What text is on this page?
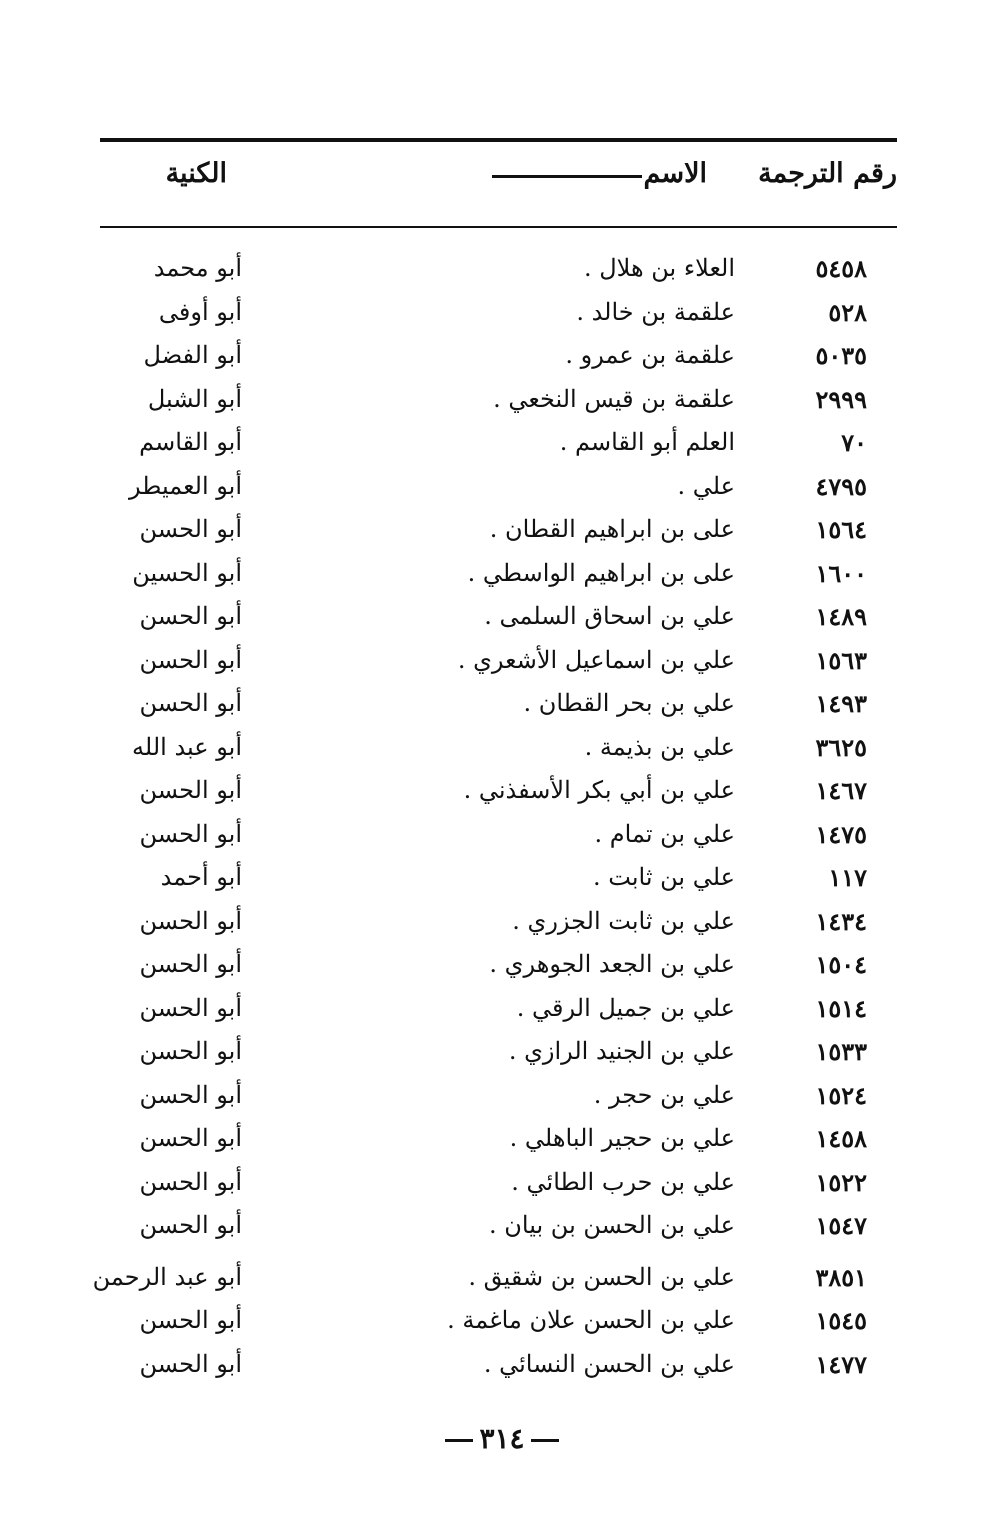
رقم الترجمة
الاسم
الكنية
٥٤٥٨
العلاء بن هلال .
أبو محمد
٥٢٨
علقمة بن خالد .
أبو أوفى
٥٠٣٥
علقمة بن عمرو .
أبو الفضل
٢٩٩٩
علقمة بن قيس النخعي .
أبو الشبل
٧٠
العلم أبو القاسم .
أبو القاسم
٤٧٩٥
علي .
أبو العميطر
١٥٦٤
على بن ابراهيم القطان .
أبو الحسن
١٦٠٠
على بن ابراهيم الواسطي .
أبو الحسين
١٤٨٩
علي بن اسحاق السلمى .
أبو الحسن
١٥٦٣
علي بن اسماعيل الأشعري .
أبو الحسن
١٤٩٣
علي بن بحر القطان .
أبو الحسن
٣٦٢٥
علي بن بذيمة .
أبو عبد الله
١٤٦٧
علي بن أبي بكر الأسفذني .
أبو الحسن
١٤٧٥
علي بن تمام .
أبو الحسن
١١٧
علي بن ثابت .
أبو أحمد
١٤٣٤
علي بن ثابت الجزري .
أبو الحسن
١٥٠٤
علي بن الجعد الجوهري .
أبو الحسن
١٥١٤
علي بن جميل الرقي .
أبو الحسن
١٥٣٣
علي بن الجنيد الرازي .
أبو الحسن
١٥٢٤
علي بن حجر .
أبو الحسن
١٤٥٨
علي بن حجير الباهلي .
أبو الحسن
١٥٢٢
علي بن حرب الطائي .
أبو الحسن
١٥٤٧
علي بن الحسن بن بيان .
أبو الحسن
٣٨٥١
علي بن الحسن بن شقيق .
أبو عبد الرحمن
١٥٤٥
علي بن الحسن علان ماغمة .
أبو الحسن
١٤٧٧
علي بن الحسن النسائي .
أبو الحسن
٣١٤
